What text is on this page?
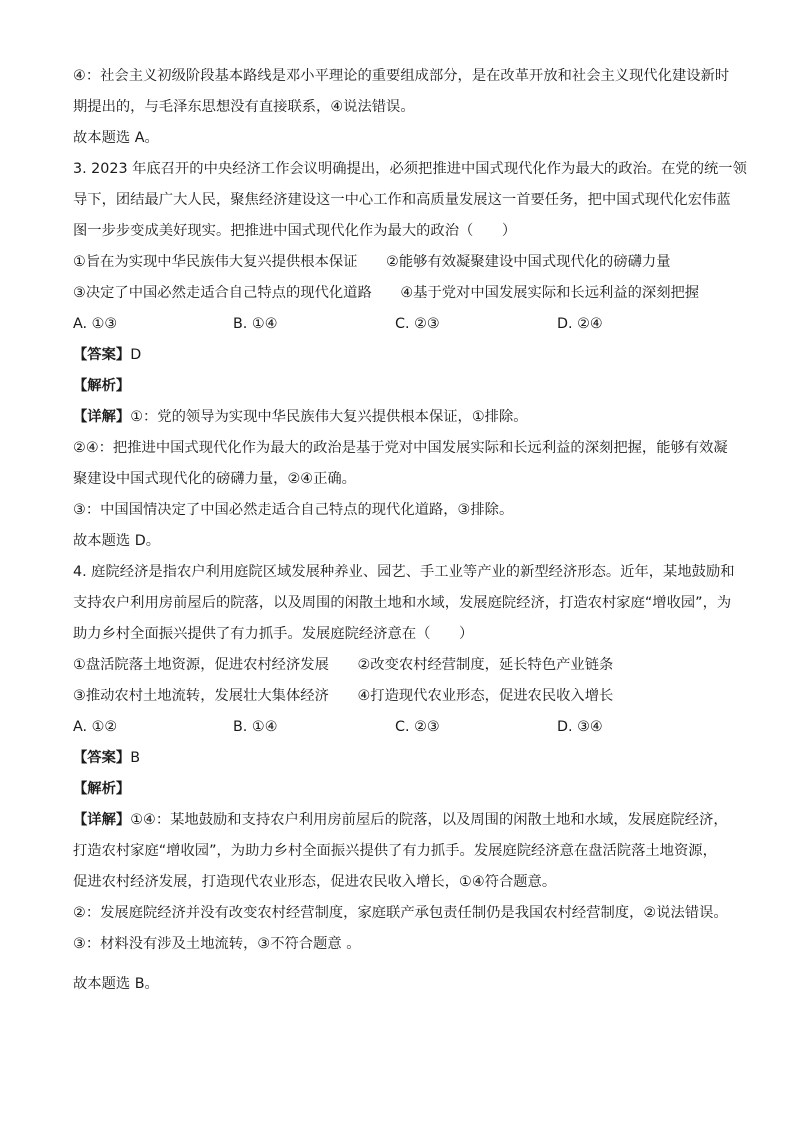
④：社会主义初级阶段基本路线是邓小平理论的重要组成部分，是在改革开放和社会主义现代化建设新时
期提出的，与毛泽东思想没有直接联系，④说法错误。
故本题选 A。
3. 2023 年底召开的中央经济工作会议明确提出，必须把推进中国式现代化作为最大的政治。在党的统一领
导下，团结最广大人民，聚焦经济建设这一中心工作和高质量发展这一首要任务，把中国式现代化宏伟蓝
图一步步变成美好现实。把推进中国式现代化作为最大的政治（　　）
①旨在为实现中华民族伟大复兴提供根本保证　　②能够有效凝聚建设中国式现代化的磅礴力量
③决定了中国必然走适合自己特点的现代化道路　　④基于党对中国发展实际和长远利益的深刻把握
A. ①③	B. ①④	C. ②③	D. ②④
【答案】D
【解析】
【详解】①：党的领导为实现中华民族伟大复兴提供根本保证，①排除。
②④：把推进中国式现代化作为最大的政治是基于党对中国发展实际和长远利益的深刻把握，能够有效凝
聚建设中国式现代化的磅礴力量，②④正确。
③：中国国情决定了中国必然走适合自己特点的现代化道路，③排除。
故本题选 D。
4. 庭院经济是指农户利用庭院区域发展种养业、园艺、手工业等产业的新型经济形态。近年，某地鼓励和
支持农户利用房前屋后的院落，以及周围的闲散土地和水域，发展庭院经济，打造农村家庭“增收园”，为
助力乡村全面振兴提供了有力抓手。发展庭院经济意在（　　）
①盘活院落土地资源，促进农村经济发展　　②改变农村经营制度，延长特色产业链条
③推动农村土地流转，发展壮大集体经济　　④打造现代农业形态，促进农民收入增长
A. ①②	B. ①④	C. ②③	D. ③④
【答案】B
【解析】
【详解】①④：某地鼓励和支持农户利用房前屋后的院落，以及周围的闲散土地和水域，发展庭院经济，
打造农村家庭“增收园”，为助力乡村全面振兴提供了有力抓手。发展庭院经济意在盘活院落土地资源，
促进农村经济发展，打造现代农业形态，促进农民收入增长，①④符合题意。
②：发展庭院经济并没有改变农村经营制度，家庭联产承包责任制仍是我国农村经营制度，②说法错误。
③：材料没有涉及土地流转，③不符合题意 。
故本题选 B。
